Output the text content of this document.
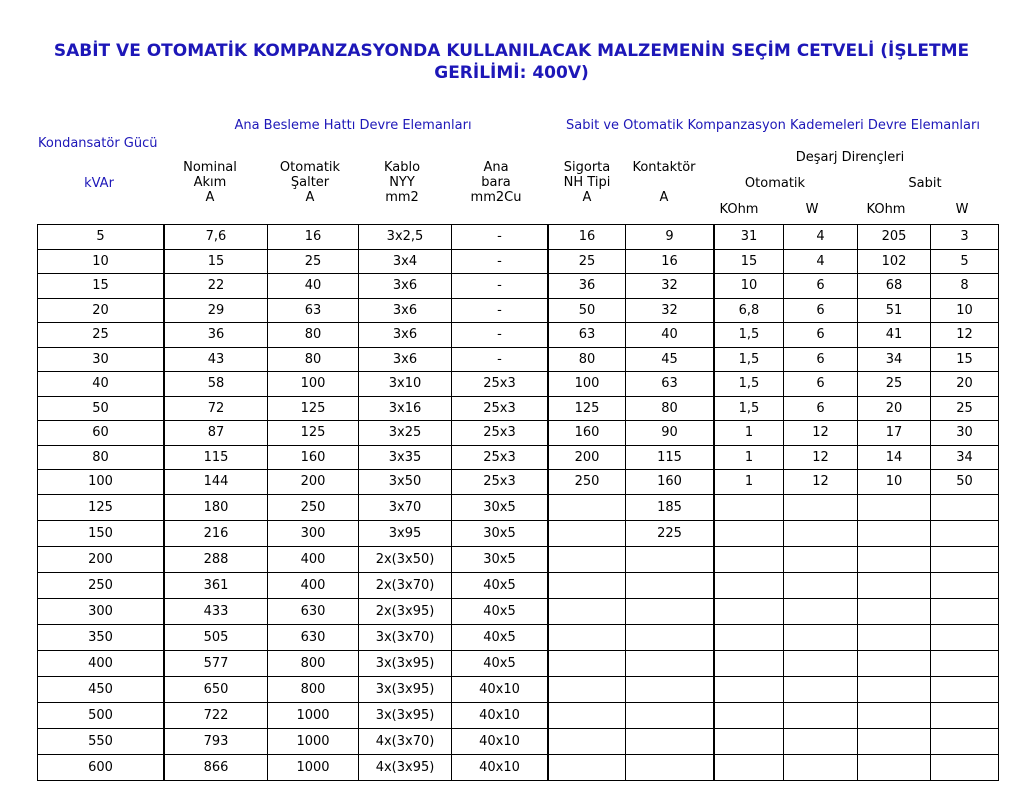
SABİT VE OTOMATİK KOMPANZASYONDA KULLANILACAK MALZEMENİN SEÇİM CETVELİ (İŞLETME GERİLİMİ: 400V)
Ana Besleme Hattı Devre Elemanları	Sabit ve Otomatik Kompanzasyon Kademeleri Devre Elemanları
Kondansatör Gücü
kVAr
Deşarj Dirençleri
Otomatik	Sabit
Nominal
Akım
A
Otomatik
Şalter
A
Kablo
NYY
mm2
Ana
bara
mm2Cu
Sigorta
NH Tipi
A
Kontaktör
A
KOhm	W	KOhm	W
5	7,6	16	3x2,5	-	16	9	31	4	205	3
10	15	25	3x4	-	25	16	15	4	102	5
15	22	40	3x6	-	36	32	10	6	68	8
20	29	63	3x6	-	50	32	6,8	6	51	10
25	36	80	3x6	-	63	40	1,5	6	41	12
30	43	80	3x6	-	80	45	1,5	6	34	15
40	58	100	3x10	25x3	100	63	1,5	6	25	20
50	72	125	3x16	25x3	125	80	1,5	6	20	25
60	87	125	3x25	25x3	160	90	1	12	17	30
80	115	160	3x35	25x3	200	115	1	12	14	34
100	144	200	3x50	25x3	250	160	1	12	10	50
125	180	250	3x70	30x5		185				
150	216	300	3x95	30x5		225				
200	288	400	2x(3x50)	30x5						
250	361	400	2x(3x70)	40x5						
300	433	630	2x(3x95)	40x5						
350	505	630	3x(3x70)	40x5						
400	577	800	3x(3x95)	40x5						
450	650	800	3x(3x95)	40x10						
500	722	1000	3x(3x95)	40x10						
550	793	1000	4x(3x70)	40x10						
600	866	1000	4x(3x95)	40x10						
